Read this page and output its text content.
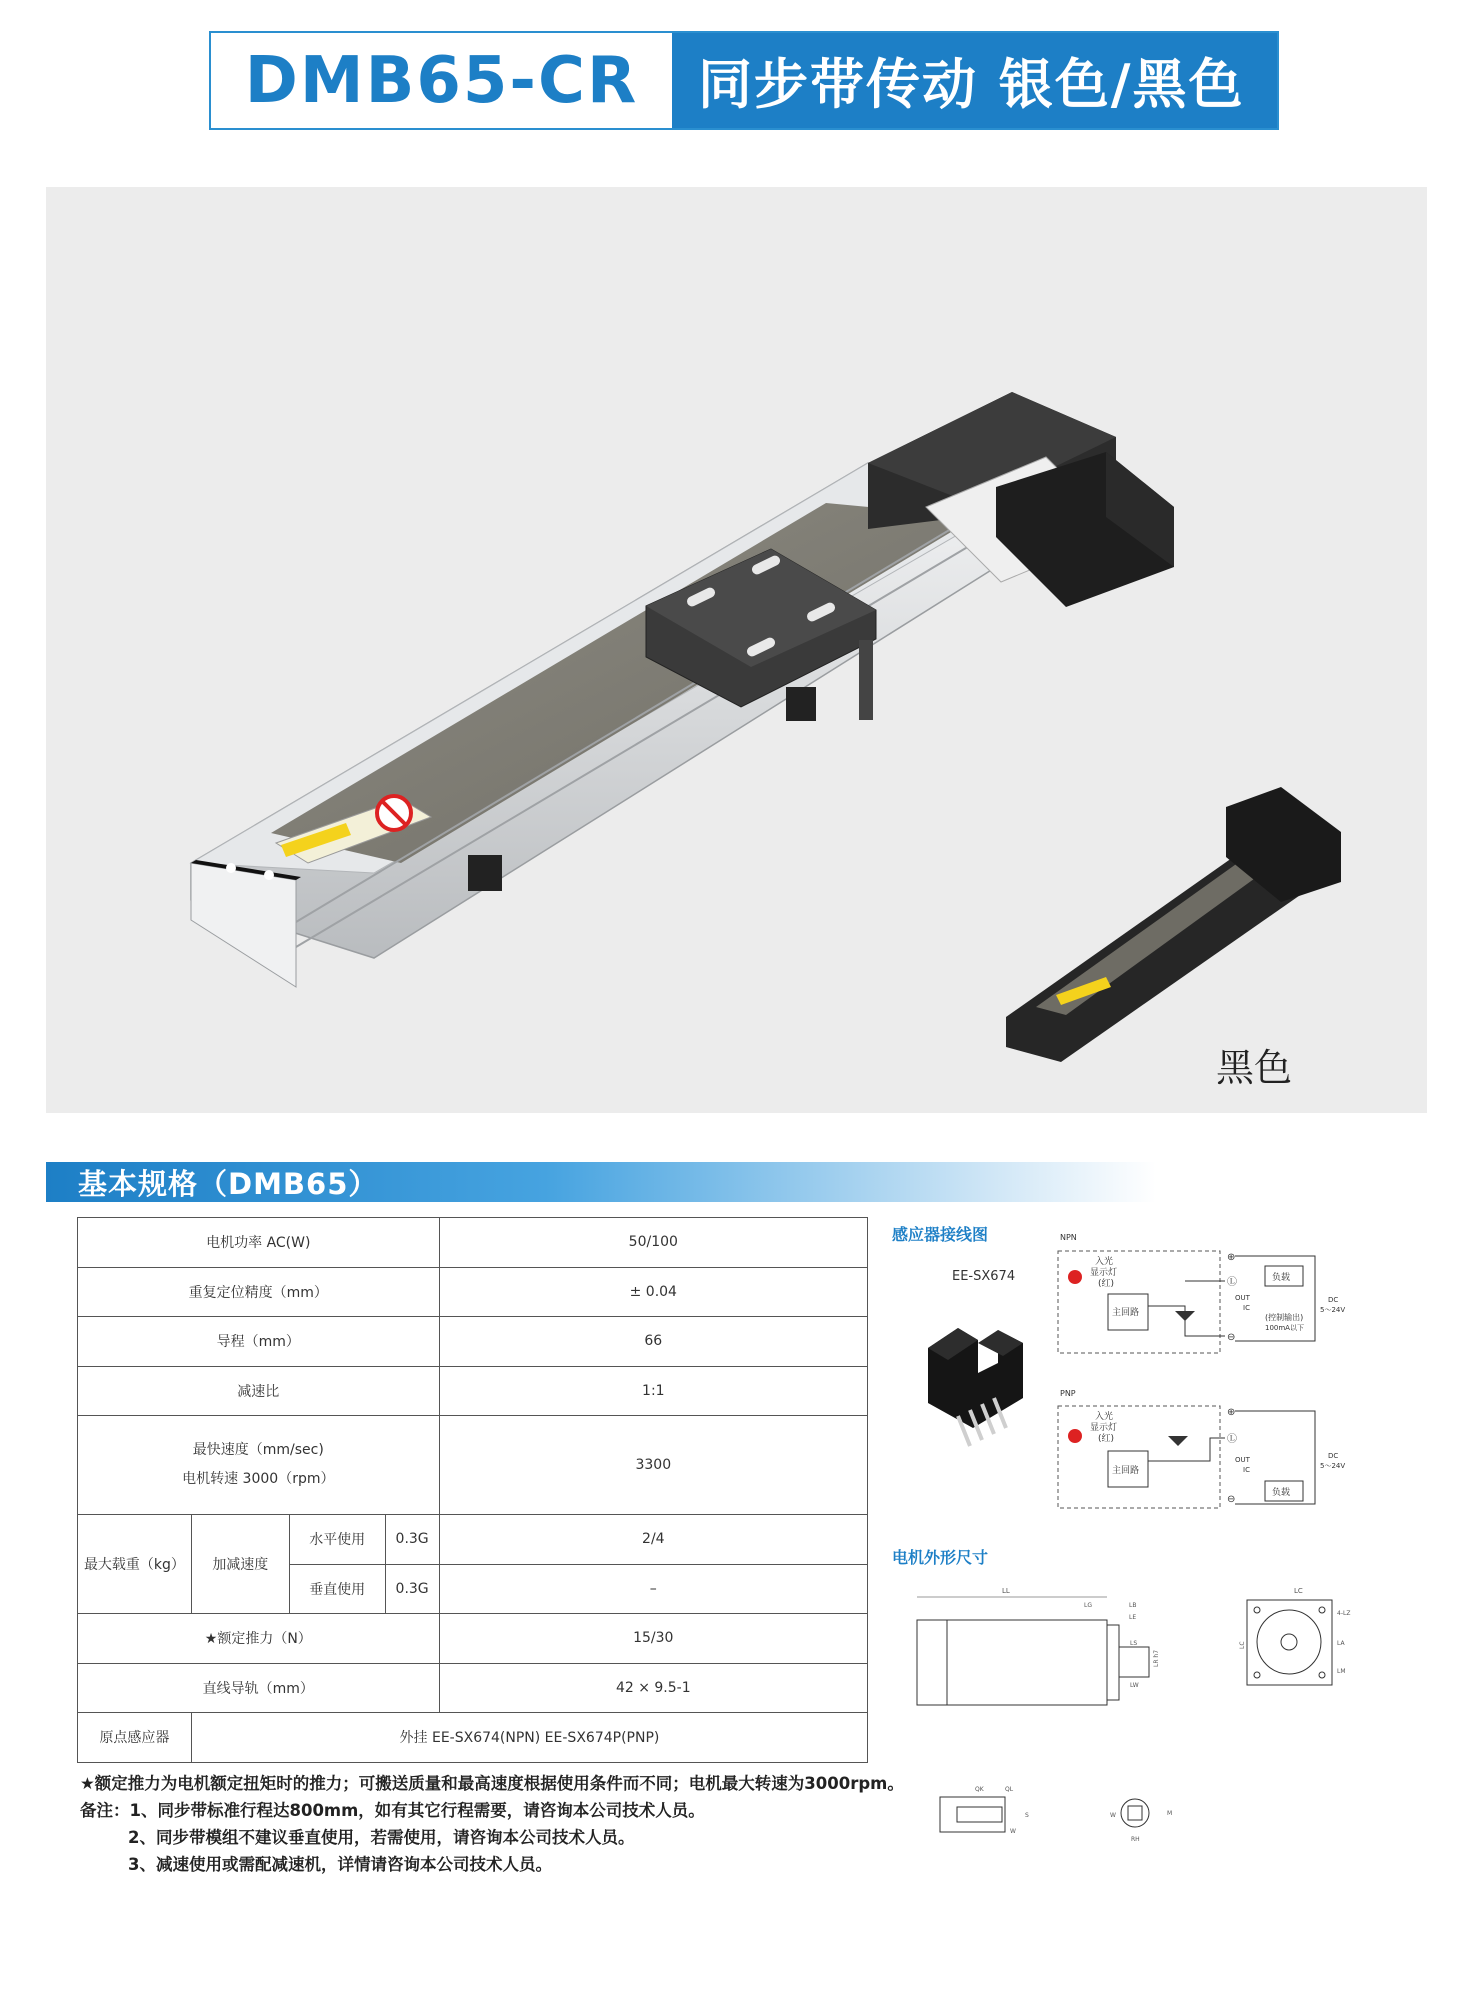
DMB65-CR	同步带传动 银色/黑色
黑色
基本规格（DMB65）
电机功率 AC(W)				50/100
重复定位精度（mm）				± 0.04
导程（mm）				66
减速比				1:1

最快速度（mm/sec)
电机转速 3000（rpm）				3300
最大载重（kg）	加减速度	水平使用	0.3G	2/4
		垂直使用	0.3G	–
★额定推力（N）				15/30
直线导轨（mm）				42 × 9.5-1
原点感应器	外挂 EE-SX674(NPN) EE-SX674P(PNP)			
感应器接线图
EE-SX674
NPN
入光
显示灯
(红)
主回路
⊕
Ⓛ
⊖
OUT
IC
负载
(控制输出)
100mA以下
DC
5～24V
PNP
入光
显示灯
(红)
主回路
⊕
Ⓛ
⊖
OUT
IC
负载
DC
5～24V
电机外形尺寸
LL
LG	LB
LE
LS
LR h7
LW
LC
4-LZ
LC	LA
LM
QK	QL
S
W
W
RH
M
★额定推力为电机额定扭矩时的推力；可搬送质量和最高速度根据使用条件而不同；电机最大转速为3000rpm。
备注：1、同步带标准行程达800mm，如有其它行程需要，请咨询本公司技术人员。
2、同步带模组不建议垂直使用，若需使用，请咨询本公司技术人员。
3、减速使用或需配减速机，详情请咨询本公司技术人员。
